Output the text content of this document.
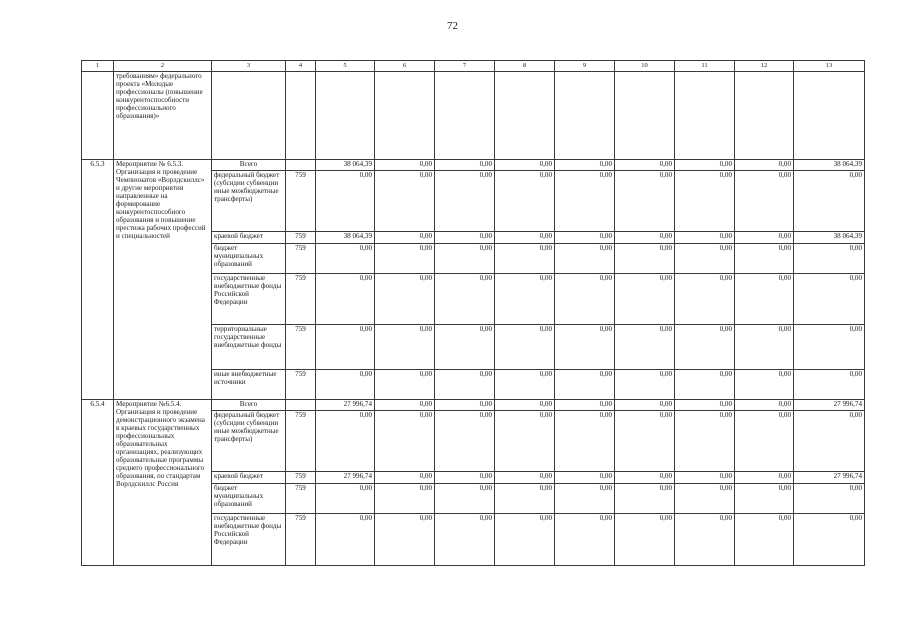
72
1	2	3	4	5	6	7	8	9	10	11	12	13
	требованиям» федерального проекта «Молодые профессионалы (повышение конкурентоспособности профессионального образования)»											
6.5.3	Мероприятие № 6.5.3. Организация и проведение Чемпионатов «Ворлдскиллс» и другие мероприятия направленные на формирование конкурентоспособного образования и повышение престижа рабочих профессий и специальностей	Всего		38 064,39	0,00	0,00	0,00	0,00	0,00	0,00	0,00	38 064,39
		федеральный бюджет (субсидии субвенции иные межбюджетные трансферты)	759	0,00	0,00	0,00	0,00	0,00	0,00	0,00	0,00	0,00
		краевой бюджет	759	38 064,39	0,00	0,00	0,00	0,00	0,00	0,00	0,00	38 064,39
		бюджет муниципальных образований	759	0,00	0,00	0,00	0,00	0,00	0,00	0,00	0,00	0,00
		государственные внебюджетные фонды Российской Федерации	759	0,00	0,00	0,00	0,00	0,00	0,00	0,00	0,00	0,00
		территориальные государственные внебюджетные фонды	759	0,00	0,00	0,00	0,00	0,00	0,00	0,00	0,00	0,00
		иные внебюджетные источники	759	0,00	0,00	0,00	0,00	0,00	0,00	0,00	0,00	0,00
6.5.4	Мероприятие №6.5.4. Организация и проведение демонстрационного экзамена в краевых государственных профессиональных образовательных организациях, реализующих образовательные программы среднего профессионального образования, по стандартам Ворлдскиллс Россия	Всего		27 996,74	0,00	0,00	0,00	0,00	0,00	0,00	0,00	27 996,74
		федеральный бюджет (субсидии субвенции иные межбюджетные трансферты)	759	0,00	0,00	0,00	0,00	0,00	0,00	0,00	0,00	0,00
		краевой бюджет	759	27 996,74	0,00	0,00	0,00	0,00	0,00	0,00	0,00	27 996,74
		бюджет муниципальных образований	759	0,00	0,00	0,00	0,00	0,00	0,00	0,00	0,00	0,00
		государственные внебюджетные фонды Российской Федерации	759	0,00	0,00	0,00	0,00	0,00	0,00	0,00	0,00	0,00
